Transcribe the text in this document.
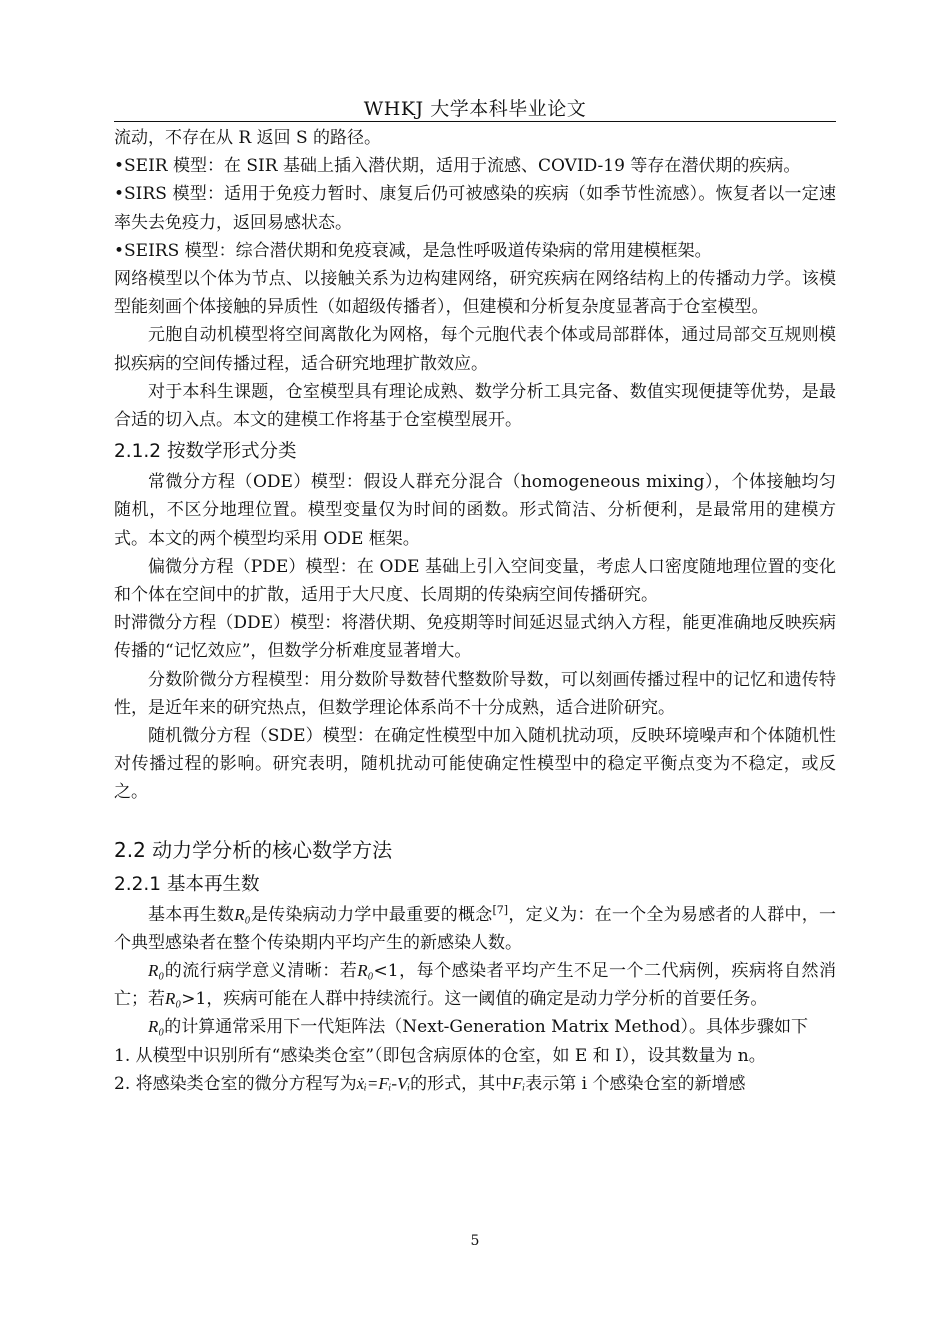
WHKJ 大学本科毕业论文

流动，不存在从 R 返回 S 的路径。

•SEIR 模型：在 SIR 基础上插入潜伏期，适用于流感、COVID-19 等存在潜伏期的疾病。

•SIRS 模型：适用于免疫力暂时、康复后仍可被感染的疾病（如季节性流感）。恢复者以一定速率失去免疫力，返回易感状态。

•SEIRS 模型：综合潜伏期和免疫衰减，是急性呼吸道传染病的常用建模框架。

网络模型以个体为节点、以接触关系为边构建网络，研究疾病在网络结构上的传播动力学。该模型能刻画个体接触的异质性（如超级传播者），但建模和分析复杂度显著高于仓室模型。

元胞自动机模型将空间离散化为网格，每个元胞代表个体或局部群体，通过局部交互规则模拟疾病的空间传播过程，适合研究地理扩散效应。

对于本科生课题，仓室模型具有理论成熟、数学分析工具完备、数值实现便捷等优势，是最合适的切入点。本文的建模工作将基于仓室模型展开。

2.1.2 按数学形式分类

常微分方程（ODE）模型：假设人群充分混合（homogeneous mixing），个体接触均匀随机，不区分地理位置。模型变量仅为时间的函数。形式简洁、分析便利，是最常用的建模方式。本文的两个模型均采用 ODE 框架。

偏微分方程（PDE）模型：在 ODE 基础上引入空间变量，考虑人口密度随地理位置的变化和个体在空间中的扩散，适用于大尺度、长周期的传染病空间传播研究。

时滞微分方程（DDE）模型：将潜伏期、免疫期等时间延迟显式纳入方程，能更准确地反映疾病传播的“记忆效应”，但数学分析难度显著增大。

分数阶微分方程模型：用分数阶导数替代整数阶导数，可以刻画传播过程中的记忆和遗传特性，是近年来的研究热点，但数学理论体系尚不十分成熟，适合进阶研究。

随机微分方程（SDE）模型：在确定性模型中加入随机扰动项，反映环境噪声和个体随机性对传播过程的影响。研究表明，随机扰动可能使确定性模型中的稳定平衡点变为不稳定，或反之。

2.2 动力学分析的核心数学方法
2.2.1 基本再生数

基本再生数R₀是传染病动力学中最重要的概念[7]，定义为：在一个全为易感者的人群中，一个典型感染者在整个传染期内平均产生的新感染人数。

R₀的流行病学意义清晰：若R₀<1，每个感染者平均产生不足一个二代病例，疾病将自然消亡；若R₀>1，疾病可能在人群中持续流行。这一阈值的确定是动力学分析的首要任务。

R₀的计算通常采用下一代矩阵法（Next-Generation Matrix Method）。具体步骤如下

1. 从模型中识别所有“感染类仓室”（即包含病原体的仓室，如 E 和 I），设其数量为 n。

2. 将感染类仓室的微分方程写为ẋᵢ=Fᵢ-Vᵢ的形式，其中Fᵢ表示第 i 个感染仓室的新增感

5
